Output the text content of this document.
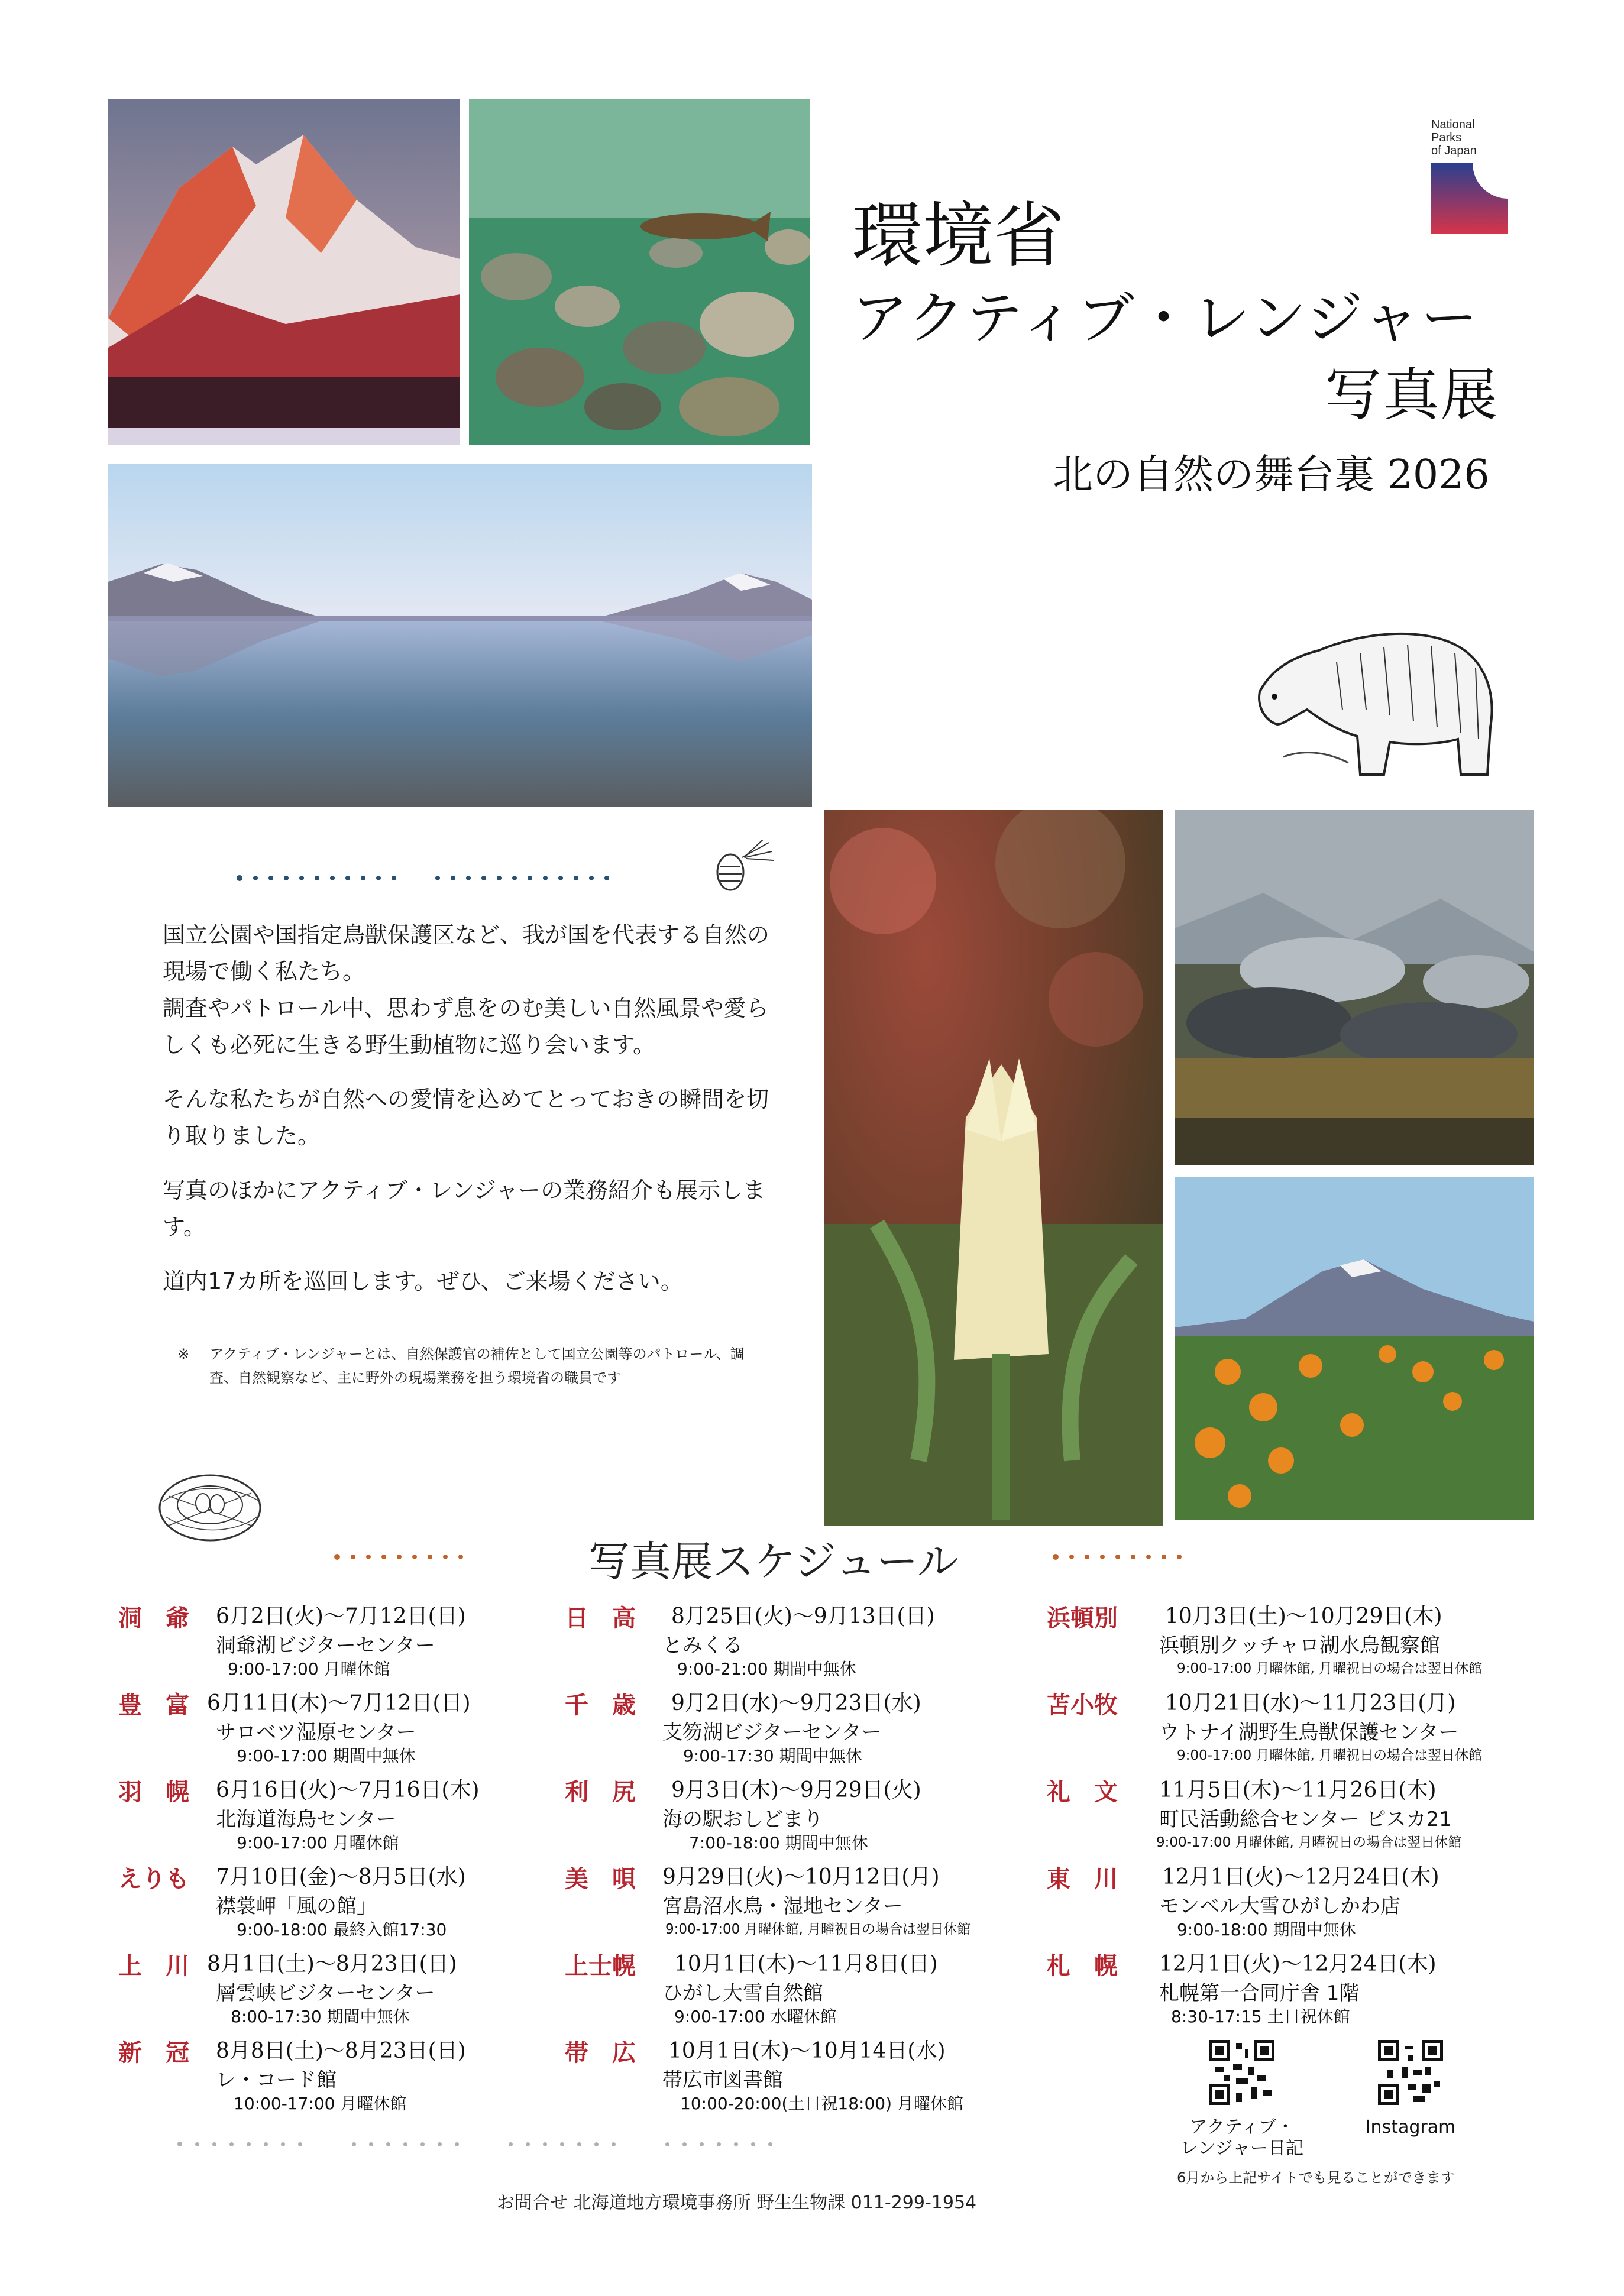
National
Parks
of Japan
環境省
アクティブ・レンジャー
写真展
北の自然の舞台裏 2026

国立公園や国指定鳥獣保護区など、我が国を代表する自然の現場で働く私たち。
調査やパトロール中、思わず息をのむ美しい自然風景や愛らしくも必死に生きる野生動植物に巡り会います。

そんな私たちが自然への愛情を込めてとっておきの瞬間を切り取りました。

写真のほかにアクティブ・レンジャーの業務紹介も展示します。

道内17カ所を巡回します。ぜひ、ご来場ください。

※ アクティブ・レンジャーとは、自然保護官の補佐として国立公園等のパトロール、調査、自然観察など、主に野外の現場業務を担う環境省の職員です
写真展スケジュール
洞　爺 6月2日(火)～7月12日(日)
洞爺湖ビジターセンター
9:00-17:00 月曜休館
豊　富 6月11日(木)～7月12日(日)
サロベツ湿原センター
9:00-17:00 期間中無休
羽　幌 6月16日(火)～7月16日(木)
北海道海鳥センター
9:00-17:00 月曜休館
えりも 7月10日(金)～8月5日(水)
襟裳岬「風の館」
9:00-18:00 最終入館17:30
上　川 8月1日(土)～8月23日(日)
層雲峡ビジターセンター
8:00-17:30 期間中無休
新　冠 8月8日(土)～8月23日(日)
レ・コード館
10:00-17:00 月曜休館
日　高 8月25日(火)～9月13日(日)
とみくる
9:00-21:00 期間中無休
千　歳 9月2日(水)～9月23日(水)
支笏湖ビジターセンター
9:00-17:30 期間中無休
利　尻 9月3日(木)～9月29日(火)
海の駅おしどまり
7:00-18:00 期間中無休
美　唄 9月29日(火)～10月12日(月)
宮島沼水鳥・湿地センター
9:00-17:00 月曜休館, 月曜祝日の場合は翌日休館
上士幌 10月1日(木)～11月8日(日)
ひがし大雪自然館
9:00-17:00 水曜休館
帯　広 10月1日(木)～10月14日(水)
帯広市図書館
10:00-20:00(土日祝18:00) 月曜休館
浜頓別 10月3日(土)～10月29日(木)
浜頓別クッチャロ湖水鳥観察館
9:00-17:00 月曜休館, 月曜祝日の場合は翌日休館
苫小牧 10月21日(水)～11月23日(月)
ウトナイ湖野生鳥獣保護センター
9:00-17:00 月曜休館, 月曜祝日の場合は翌日休館
礼　文 11月5日(木)～11月26日(木)
町民活動総合センター ピスカ21
9:00-17:00 月曜休館, 月曜祝日の場合は翌日休館
東　川 12月1日(火)～12月24日(木)
モンベル大雪ひがしかわ店
9:00-18:00 期間中無休
札　幌 12月1日(火)～12月24日(木)
札幌第一合同庁舎 1階
8:30-17:15 土日祝休館
アクティブ・
レンジャー日記
Instagram
6月から上記サイトでも見ることができます
お問合せ 北海道地方環境事務所 野生生物課 011-299-1954
